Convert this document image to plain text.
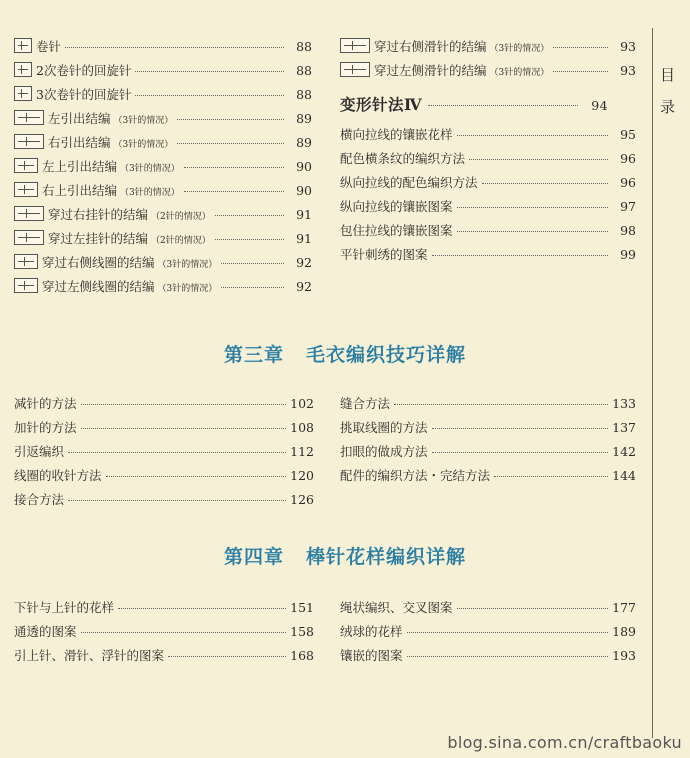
卷针	88
2次卷针的回旋针	88
3次卷针的回旋针	88
左引出结编 （3针的情况）	89
右引出结编 （3针的情况）	89
左上引出结编 （3针的情况）	90
右上引出结编 （3针的情况）	90
穿过右挂针的结编 （2针的情况）	91
穿过左挂针的结编 （2针的情况）	91
穿过右侧线圈的结编 （3针的情况）	92
穿过左侧线圈的结编 （3针的情况）	92
穿过右侧滑针的结编 （3针的情况）	93
穿过左侧滑针的结编 （3针的情况）	93
变形针法Ⅳ	94
横向拉线的镶嵌花样	95
配色横条纹的编织方法	96
纵向拉线的配色编织方法	96
纵向拉线的镶嵌图案	97
包住拉线的镶嵌图案	98
平针刺绣的图案	99
第三章 毛衣编织技巧详解
减针的方法	102
加针的方法	108
引返编织	112
线圈的收针方法	120
接合方法	126
缝合方法	133
挑取线圈的方法	137
扣眼的做成方法	142
配件的编织方法・完结方法	144
第四章 棒针花样编织详解
下针与上针的花样	151
通透的图案	158
引上针、滑针、浮针的图案	168
绳状编织、交叉图案	177
绒球的花样	189
镶嵌的图案	193
目
录
blog.sina.com.cn/craftbaoku
